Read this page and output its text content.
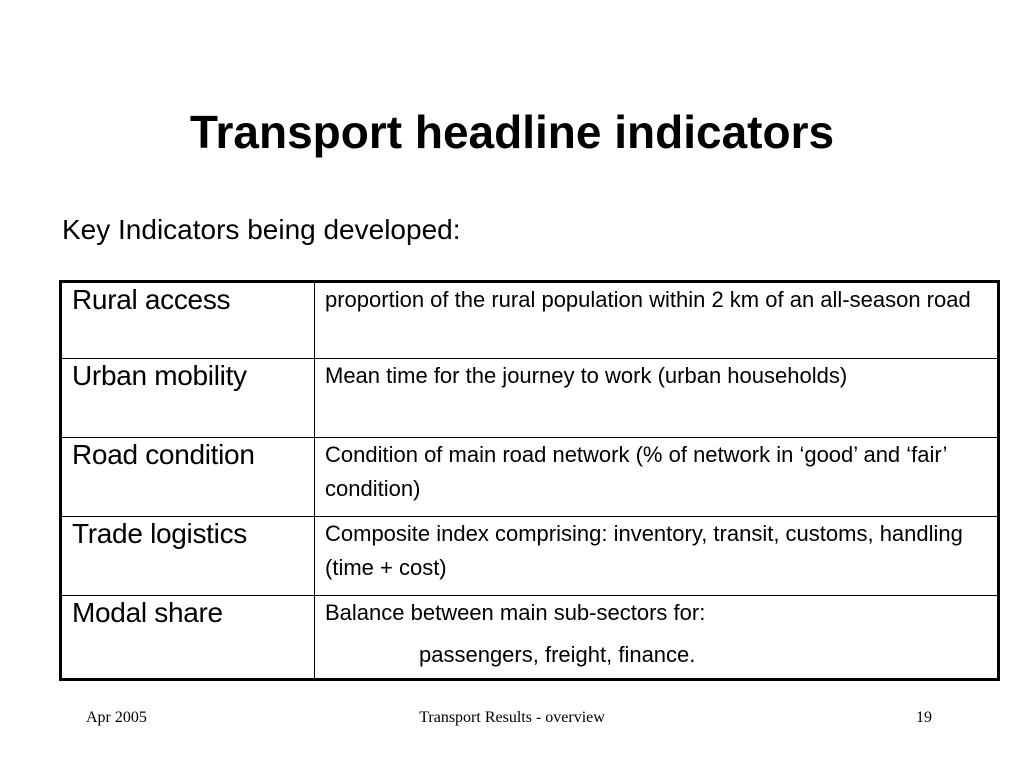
Transport headline indicators

Key Indicators being developed:

Rural access	proportion of the rural population within 2 km of an all-season road
Urban mobility	Mean time for the journey to work (urban households)
Road condition	Condition of main road network (% of network in ‘good’ and ‘fair’ condition)
Trade logistics	Composite index comprising: inventory, transit, customs, handling (time + cost)
Modal share	Balance between main sub-sectors for:
passengers, freight, finance.
Apr 2005	Transport Results - overview	19
